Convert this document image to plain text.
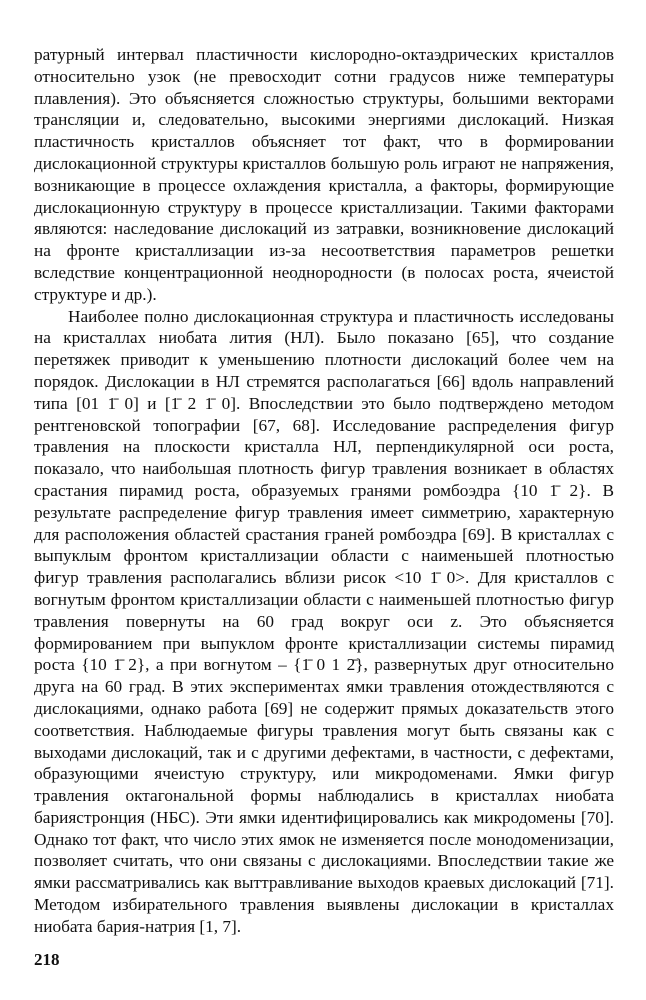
ратурный интервал пластичности кислородно-октаэдрических кристаллов относительно узок (не превосходит сотни градусов ниже температуры плавления). Это объясняется сложностью структуры, большими векторами трансляции и, следовательно, высокими энергиями дислокаций. Низкая пластичность кристаллов объясняет тот факт, что в формировании дислокационной структуры кристаллов большую роль играют не напряжения, возникающие в процессе охлаждения кристалла, а факторы, формирующие дислокационную структуру в процессе кристаллизации. Такими факторами являются: наследование дислокаций из затравки, возникновение дислокаций на фронте кристаллизации из-за несоответствия параметров решетки вследствие концентрационной неоднородности (в полосах роста, ячеистой структуре и др.).

Наиболее полно дислокационная структура и пластичность исследованы на кристаллах ниобата лития (НЛ). Было показано [65], что создание перетяжек приводит к уменьшению плотности дислокаций более чем на порядок. Дислокации в НЛ стремятся располагаться [66] вдоль направлений типа [01 1̄ 0] и [1̄ 2 1̄ 0]. Впоследствии это было подтверждено методом рентгеновской топографии [67, 68]. Исследование распределения фигур травления на плоскости кристалла НЛ, перпендикулярной оси роста, показало, что наибольшая плотность фигур травления возникает в областях срастания пирамид роста, образуемых гранями ромбоэдра {10 1̄ 2}. В результате распределение фигур травления имеет симметрию, характерную для расположения областей срастания граней ромбоэдра [69]. В кристаллах с выпуклым фронтом кристаллизации области с наименьшей плотностью фигур травления располагались вблизи рисок <10 1̄ 0>. Для кристаллов с вогнутым фронтом кристаллизации области с наименьшей плотностью фигур травления повернуты на 60 град вокруг оси z. Это объясняется формированием при выпуклом фронте кристаллизации системы пирамид роста {10 1̄ 2}, а при вогнутом – {1̄ 0 1 2̄}, развернутых друг относительно друга на 60 град. В этих экспериментах ямки травления отождествляются с дислокациями, однако работа [69] не содержит прямых доказательств этого соответствия. Наблюдаемые фигуры травления могут быть связаны как с выходами дислокаций, так и с другими дефектами, в частности, с дефектами, образующими ячеистую структуру, или микродоменами. Ямки фигур травления октагональной формы наблюдались в кристаллах ниобата бариястронция (НБС). Эти ямки идентифицировались как микродомены [70]. Однако тот факт, что число этих ямок не изменяется после монодоменизации, позволяет считать, что они связаны с дислокациями. Впоследствии такие же ямки рассматривались как выттравливание выходов краевых дислокаций [71]. Методом избирательного травления выявлены дислокации в кристаллах ниобата бария-натрия [1, 7].

218
